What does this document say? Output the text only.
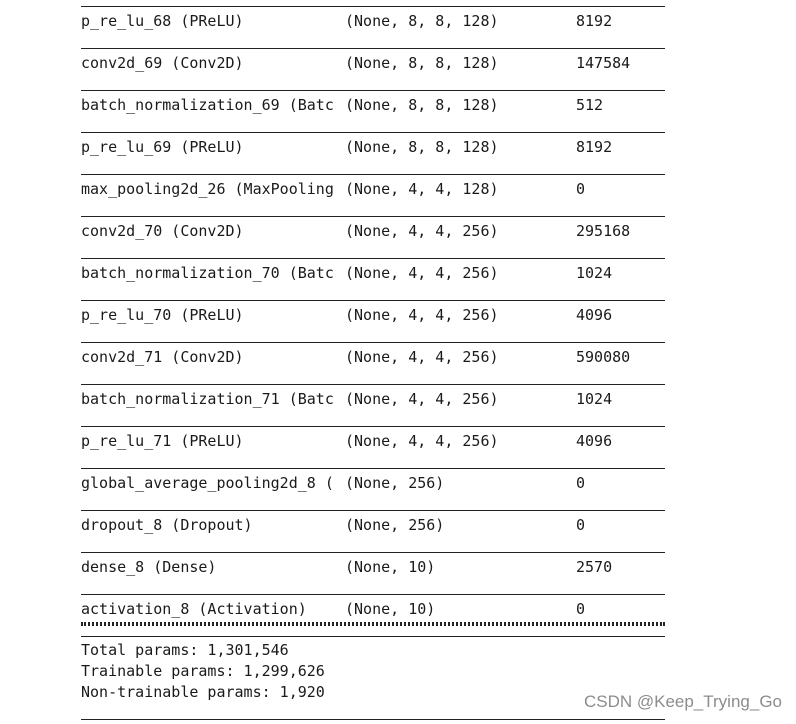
p_re_lu_68 (PReLU)	(None, 8, 8, 128)	8192
conv2d_69 (Conv2D)	(None, 8, 8, 128)	147584
batch_normalization_69 (Batc (None, 8, 8, 128)	512
p_re_lu_69 (PReLU)	(None, 8, 8, 128)	8192
max_pooling2d_26 (MaxPooling (None, 4, 4, 128)	0
conv2d_70 (Conv2D)	(None, 4, 4, 256)	295168
batch_normalization_70 (Batc (None, 4, 4, 256)	1024
p_re_lu_70 (PReLU)	(None, 4, 4, 256)	4096
conv2d_71 (Conv2D)	(None, 4, 4, 256)	590080
batch_normalization_71 (Batc (None, 4, 4, 256)	1024
p_re_lu_71 (PReLU)	(None, 4, 4, 256)	4096
global_average_pooling2d_8 ( (None, 256)	0
dropout_8 (Dropout)	(None, 256)	0
dense_8 (Dense)	(None, 10)	2570
activation_8 (Activation)	(None, 10)	0
Total params: 1,301,546
Trainable params: 1,299,626
Non-trainable params: 1,920	CSDN @Keep_Trying_Go
